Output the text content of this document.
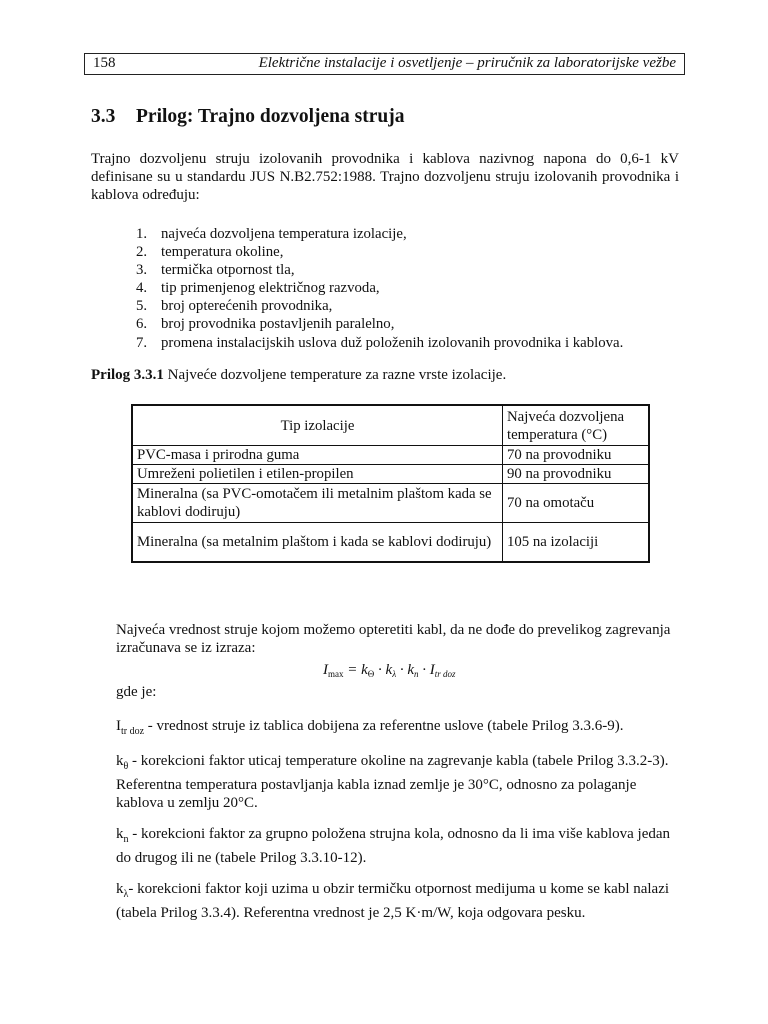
158	Električne instalacije i osvetljenje – priručnik za laboratorijske vežbe
3.3 Prilog: Trajno dozvoljena struja

Trajno dozvoljenu struju izolovanih provodnika i kablova nazivnog napona do 0,6-1 kV definisane su u standardu JUS N.B2.752:1988. Trajno dozvoljenu struju izolovanih provodnika i kablova određuju:

1. najveća dozvoljena temperatura izolacije,
2. temperatura okoline,
3. termička otpornost tla,
4. tip primenjenog električnog razvoda,
5. broj opterećenih provodnika,
6. broj provodnika postavljenih paralelno,
7. promena instalacijskih uslova duž položenih izolovanih provodnika i kablova.
Prilog 3.3.1 Najveće dozvoljene temperature za razne vrste izolacije.
Tip izolacije	Najveća dozvoljena temperatura (°C)
PVC-masa i prirodna guma	70 na provodniku
Umreženi polietilen i etilen-propilen	90 na provodniku
Mineralna (sa PVC-omotačem ili metalnim plaštom kada se kablovi dodiruju)	70 na omotaču
Mineralna (sa metalnim plaštom i kada se kablovi dodiruju)	105 na izolaciji

Najveća vrednost struje kojom možemo opteretiti kabl, da ne dođe do prevelikog zagrevanja izračunava se iz izraza:

$I_{max} = k_\Theta \cdot k_\lambda \cdot k_n \cdot I_{tr doz}$

gde je:

$I_{tr doz}$ - vrednost struje iz tablica dobijena za referentne uslove (tabele Prilog 3.3.6-9).

$k_\theta$ - korekcioni faktor uticaj temperature okoline na zagrevanje kabla (tabele Prilog 3.3.2-3). Referentna temperatura postavljanja kabla iznad zemlje je 30°C, odnosno za polaganje kablova u zemlju 20°C.

$k_n$ - korekcioni faktor za grupno položena strujna kola, odnosno da li ima više kablova jedan do drugog ili ne (tabele Prilog 3.3.10-12).

$k_\lambda-$ korekcioni faktor koji uzima u obzir termičku otpornost medijuma u kome se kabl nalazi (tabela Prilog 3.3.4). Referentna vrednost je 2,5 K·m/W, koja odgovara pesku.
